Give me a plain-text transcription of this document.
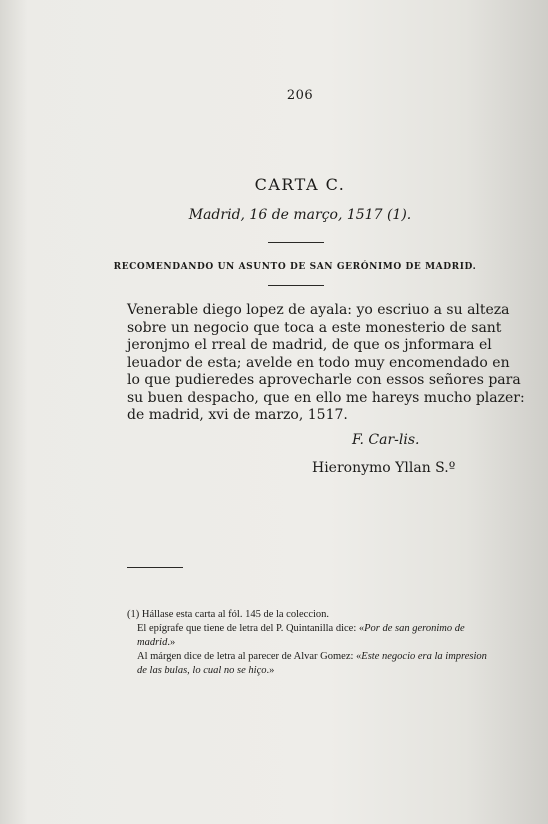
206
CARTA C.
Madrid, 16 de março, 1517 (1).
RECOMENDANDO UN ASUNTO DE SAN GERÓNIMO DE MADRID.
Venerable diego lopez de ayala: yo escriuo a su alteza
sobre un negocio que toca a este monesterio de sant
jeronjmo el rreal de madrid, de que os jnformara el
leuador de esta; avelde en todo muy encomendado en
lo que pudieredes aprovecharle con essos señores para
su buen despacho, que en ello me hareys mucho plazer:
de madrid, xvi de marzo, 1517.
F. Car-lis.
Hieronymo Yllan S.º
(1) Hállase esta carta al fól. 145 de la coleccion.
El epígrafe que tiene de letra del P. Quintanilla dice: «Por de san geronimo de madrid.»
Al márgen dice de letra al parecer de Alvar Gomez: «Este negocio era la impresion de las bulas, lo cual no se hiço.»
